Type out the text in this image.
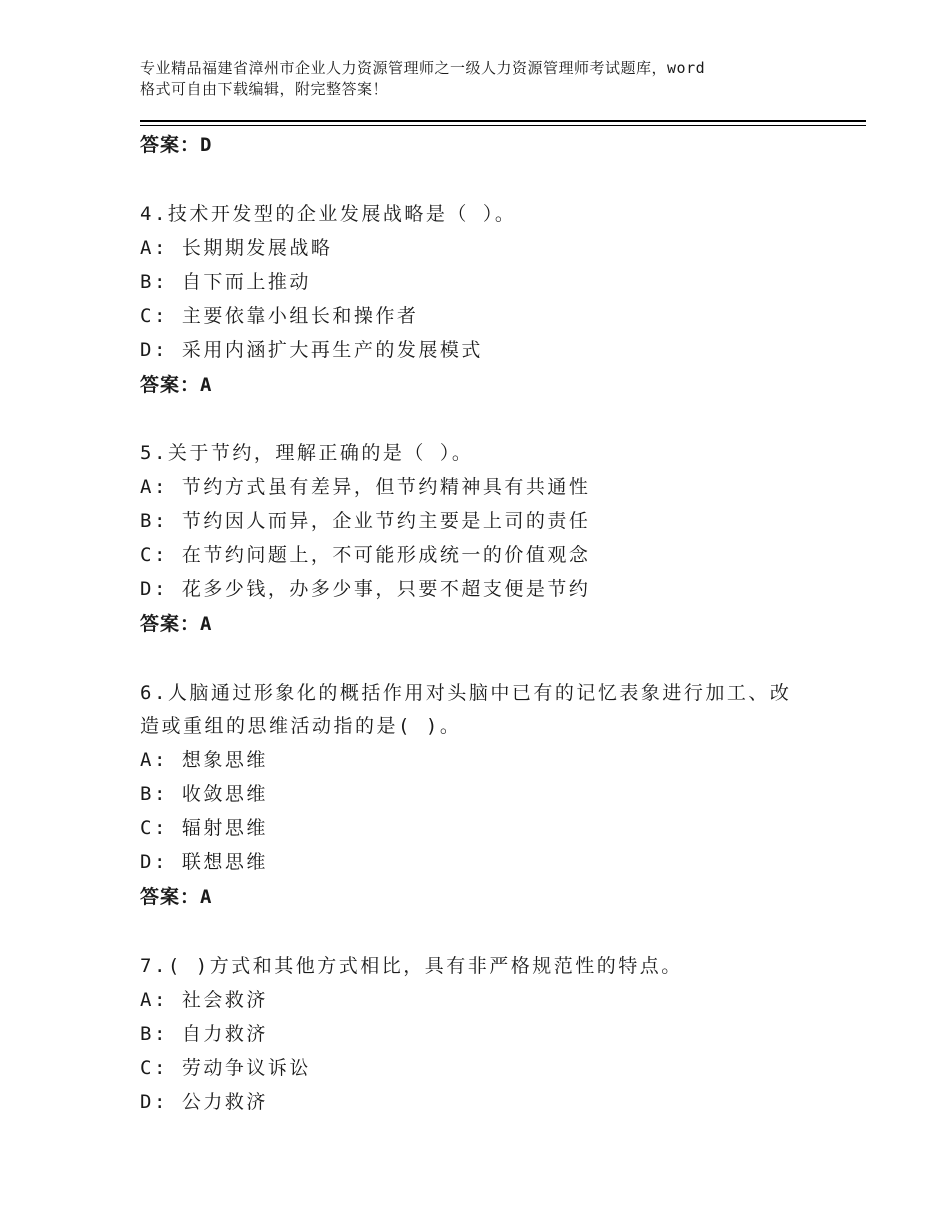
专业精品福建省漳州市企业人力资源管理师之一级人力资源管理师考试题库，word
格式可自由下载编辑，附完整答案！
答案：D
4.技术开发型的企业发展战略是（ ）。
A: 长期期发展战略
B: 自下而上推动
C: 主要依靠小组长和操作者
D: 采用内涵扩大再生产的发展模式
答案：A
5.关于节约，理解正确的是（ ）。
A: 节约方式虽有差异，但节约精神具有共通性
B: 节约因人而异，企业节约主要是上司的责任
C: 在节约问题上，不可能形成统一的价值观念
D: 花多少钱，办多少事，只要不超支便是节约
答案：A
6.人脑通过形象化的概括作用对头脑中已有的记忆表象进行加工、改
造或重组的思维活动指的是( )。
A: 想象思维
B: 收敛思维
C: 辐射思维
D: 联想思维
答案：A
7.( )方式和其他方式相比，具有非严格规范性的特点。
A: 社会救济
B: 自力救济
C: 劳动争议诉讼
D: 公力救济
